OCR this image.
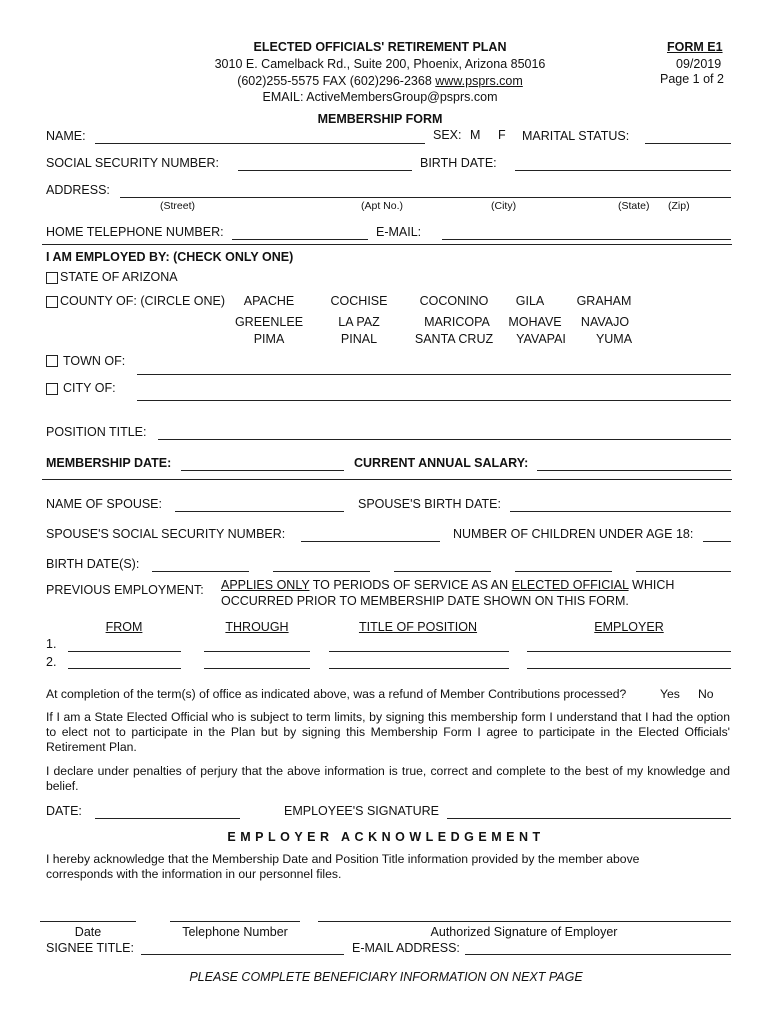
ELECTED OFFICIALS' RETIREMENT PLAN
3010 E. Camelback Rd., Suite 200, Phoenix, Arizona 85016
(602)255-5575 FAX (602)296-2368 www.psprs.com
EMAIL: ActiveMembersGroup@psprs.com
FORM E1
09/2019
Page 1 of 2
MEMBERSHIP FORM
NAME:	SEX: M F MARITAL STATUS:
SOCIAL SECURITY NUMBER:	BIRTH DATE:
ADDRESS:
(Street)	(Apt No.)	(City)	(State) (Zip)
HOME TELEPHONE NUMBER:	E-MAIL:
I AM EMPLOYED BY: (CHECK ONLY ONE)
STATE OF ARIZONA
COUNTY OF: (CIRCLE ONE) APACHE	COCHISE	COCONINO GILA	GRAHAM
GREENLEE	LA PAZ	MARICOPA MOHAVE NAVAJO
PIMA	PINAL	SANTA CRUZ YAVAPAI YUMA
TOWN OF:
CITY OF:
POSITION TITLE:
MEMBERSHIP DATE:	CURRENT ANNUAL SALARY:
NAME OF SPOUSE:	SPOUSE'S BIRTH DATE:
SPOUSE'S SOCIAL SECURITY NUMBER:	NUMBER OF CHILDREN UNDER AGE 18:
BIRTH DATE(S):
PREVIOUS EMPLOYMENT: APPLIES ONLY TO PERIODS OF SERVICE AS AN ELECTED OFFICIAL WHICH
OCCURRED PRIOR TO MEMBERSHIP DATE SHOWN ON THIS FORM.
FROM	THROUGH	TITLE OF POSITION	EMPLOYER
1.
2.
At completion of the term(s) of office as indicated above, was a refund of Member Contributions processed?	Yes No
If I am a State Elected Official who is subject to term limits, by signing this membership form I understand that I had the option to elect not to participate in the Plan but by signing this Membership Form I agree to participate in the Elected Officials' Retirement Plan.
I declare under penalties of perjury that the above information is true, correct and complete to the best of my knowledge and belief.
DATE:	EMPLOYEE'S SIGNATURE
EMPLOYER ACKNOWLEDGEMENT
I hereby acknowledge that the Membership Date and Position Title information provided by the member above corresponds with the information in our personnel files.
Date	Telephone Number	Authorized Signature of Employer
SIGNEE TITLE:	E-MAIL ADDRESS:
PLEASE COMPLETE BENEFICIARY INFORMATION ON NEXT PAGE
